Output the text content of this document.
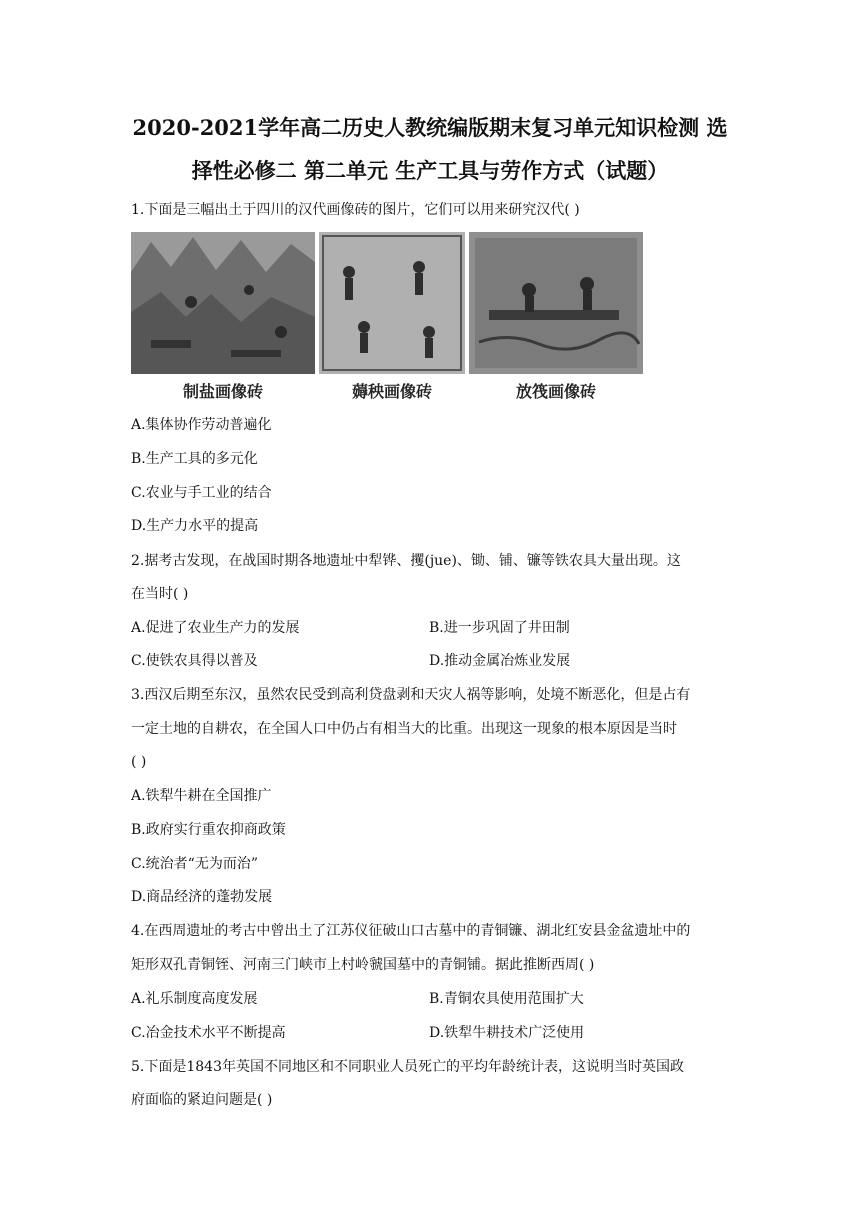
2020-2021学年高二历史人教统编版期末复习单元知识检测 选
择性必修二 第二单元 生产工具与劳作方式（试题）
1.下面是三幅出土于四川的汉代画像砖的图片，它们可以用来研究汉代( )
制盐画像砖	薅秧画像砖	放筏画像砖
A.集体协作劳动普遍化
B.生产工具的多元化
C.农业与手工业的结合
D.生产力水平的提高
2.据考古发现，在战国时期各地遗址中犁铧、攫(jue)、锄、铺、镰等铁农具大量出现。这
在当时( )
A.促进了农业生产力的发展	B.进一步巩固了井田制
C.使铁农具得以普及	D.推动金属冶炼业发展
3.西汉后期至东汉，虽然农民受到高利贷盘剥和天灾人祸等影响，处境不断恶化，但是占有
一定土地的自耕农，在全国人口中仍占有相当大的比重。出现这一现象的根本原因是当时
( )
A.铁犁牛耕在全国推广
B.政府实行重农抑商政策
C.统治者“无为而治”
D.商品经济的蓬勃发展
4.在西周遗址的考古中曾出土了江苏仪征破山口古墓中的青铜镰、湖北红安县金盆遗址中的
矩形双孔青铜铚、河南三门峡市上村岭虢国墓中的青铜铺。据此推断西周( )
A.礼乐制度高度发展	B.青铜农具使用范围扩大
C.冶金技术水平不断提高	D.铁犁牛耕技术广泛使用
5.下面是1843年英国不同地区和不同职业人员死亡的平均年龄统计表，这说明当时英国政
府面临的紧迫问题是( )
